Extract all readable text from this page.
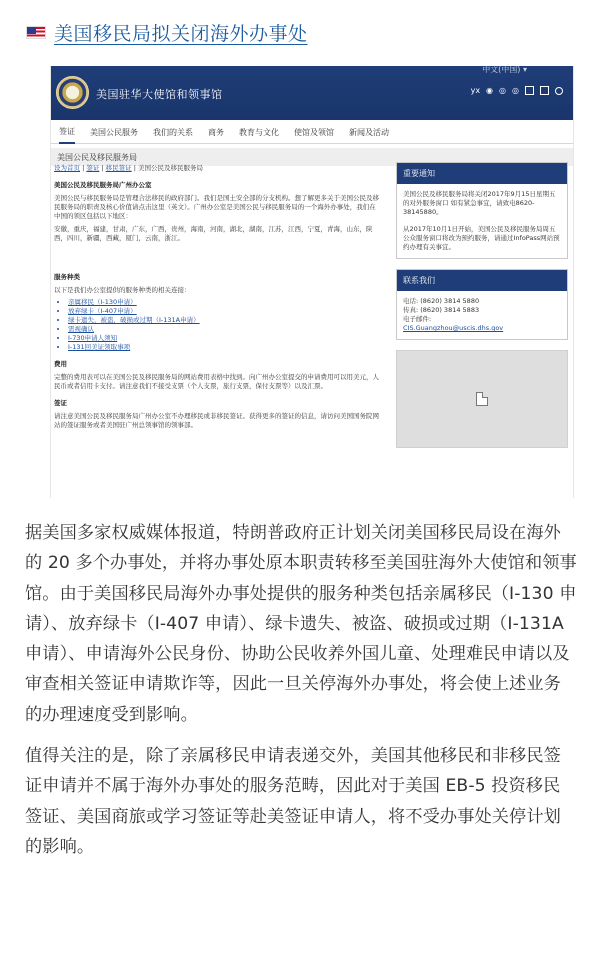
美国移民局拟关闭海外办事处
中文(中国) ▾
美国驻华大使馆和领事馆	yx ◉ ◎ ◎
签证 美国公民服务 我们的关系 商务 教育与文化 使馆及领馆 新闻及活动
美国公民及移民服务局
设为首页 | 签证 | 移民签证 | 美国公民及移民服务局
美国公民及移民服务局广州办公室
美国公民与移民服务局是管理合法移民的政府部门。我们是国土安全部的分支机构。想了解更多关于美国公民及移民服务局的职责及核心价值请点击这里（英文）。广州办公室是美国公民与移民服务局的一个海外办事处，我们在中国的领区包括以下地区：
安徽，重庆，福建，甘肃，广东，广西，贵州，海南，河南，湖北，湖南，江苏，江西，宁夏，青海，山东，陕西，四川，新疆，西藏，厦门，云南，浙江。
服务种类
以下是我们办公室提供的服务种类的相关连接：
• 亲属移民（I-130申请）
• 放弃绿卡（I-407申请）
• 绿卡遗失，被盗，破损或过期（I-131A申请）
• 需视确认
• I-730申请人须知
• I-131回美证领取事项
费用
完整的费用表可以在美国公民及移民服务局的网站费用表格中找到。向广州办公室提交的申请费用可以用美元，人民币或者信用卡支付。请注意我们不接受支票（个人支票，旅行支票，保付支票等）以及汇票。
签证
请注意美国公民及移民服务局广州办公室不办理移民或非移民签证。获得更多的签证的信息，请访问美国国务院网站的签证服务或者美国驻广州总领事馆的领事部。
重要通知
美国公民及移民服务局将关闭2017年9月15日星期五的对外服务窗口 如有紧急事宜，请致电8620-38145880。
从2017年10月1日开始，美国公民及移民服务局周五公众服务窗口将改为预约服务，请通过InfoPass网站预约办理有关事宜。
联系我们
电话: (8620) 3814 5880
传真: (8620) 3814 5883
电子邮件:
CIS.Guangzhou@uscis.dhs.gov

据美国多家权威媒体报道，特朗普政府正计划关闭美国移民局设在海外的 20 多个办事处，并将办事处原本职责转移至美国驻海外大使馆和领事馆。由于美国移民局海外办事处提供的服务种类包括亲属移民（I-130 申请）、放弃绿卡（I-407 申请）、绿卡遗失、被盗、破损或过期（I-131A 申请）、申请海外公民身份、协助公民收养外国儿童、处理难民申请以及审查相关签证申请欺诈等，因此一旦关停海外办事处，将会使上述业务的办理速度受到影响。

值得关注的是，除了亲属移民申请表递交外，美国其他移民和非移民签证申请并不属于海外办事处的服务范畴，因此对于美国 EB-5 投资移民签证、美国商旅或学习签证等赴美签证申请人，将不受办事处关停计划的影响。
